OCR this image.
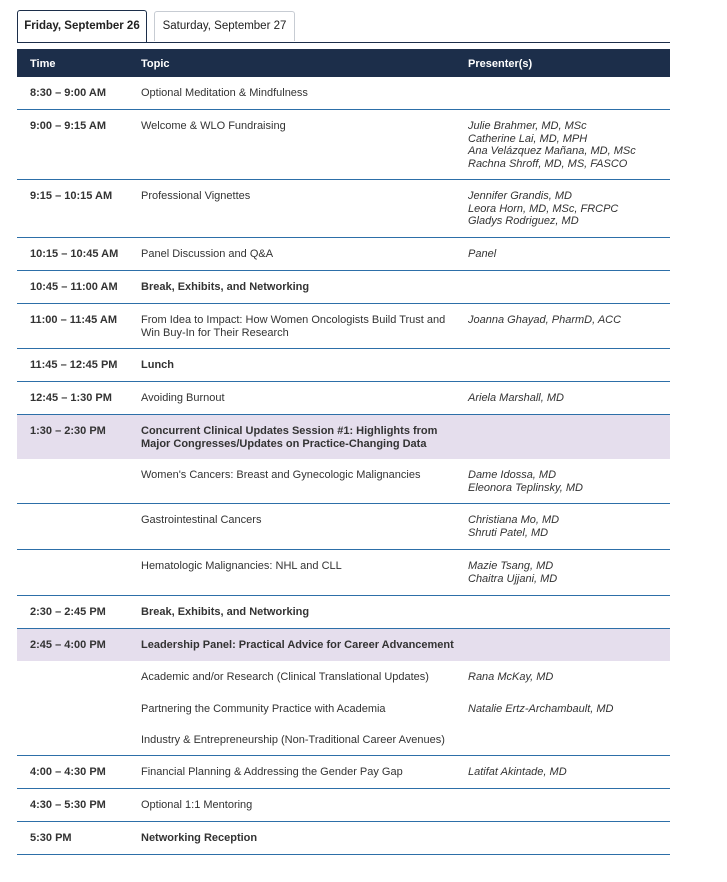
Friday, September 26	Saturday, September 27
Time	Topic	Presenter(s)
8:30 – 9:00 AM	Optional Meditation & Mindfulness
9:00 – 9:15 AM	Welcome & WLO Fundraising	Julie Brahmer, MD, MSc
Catherine Lai, MD, MPH
Ana Velázquez Mañana, MD, MSc
Rachna Shroff, MD, MS, FASCO
9:15 – 10:15 AM	Professional Vignettes	Jennifer Grandis, MD
Leora Horn, MD, MSc, FRCPC
Gladys Rodriguez, MD
10:15 – 10:45 AM Panel Discussion and Q&A	Panel
10:45 – 11:00 AM Break, Exhibits, and Networking
11:00 – 11:45 AM From Idea to Impact: How Women Oncologists Build Trust and Win Buy-In for Their Research
Joanna Ghayad, PharmD, ACC
11:45 – 12:45 PM Lunch
12:45 – 1:30 PM	Avoiding Burnout	Ariela Marshall, MD
1:30 – 2:30 PM	Concurrent Clinical Updates Session #1: Highlights from Major Congresses/Updates on Practice-Changing Data
Women's Cancers: Breast and Gynecologic Malignancies	Dame Idossa, MD
Eleonora Teplinsky, MD
Gastrointestinal Cancers	Christiana Mo, MD
Shruti Patel, MD
Hematologic Malignancies: NHL and CLL	Mazie Tsang, MD
Chaitra Ujjani, MD
2:30 – 2:45 PM	Break, Exhibits, and Networking
2:45 – 4:00 PM	Leadership Panel: Practical Advice for Career Advancement
Academic and/or Research (Clinical Translational Updates)	Rana McKay, MD
Partnering the Community Practice with Academia	Natalie Ertz-Archambault, MD
Industry & Entrepreneurship (Non-Traditional Career Avenues)
4:00 – 4:30 PM	Financial Planning & Addressing the Gender Pay Gap	Latifat Akintade, MD
4:30 – 5:30 PM	Optional 1:1 Mentoring
5:30 PM	Networking Reception
